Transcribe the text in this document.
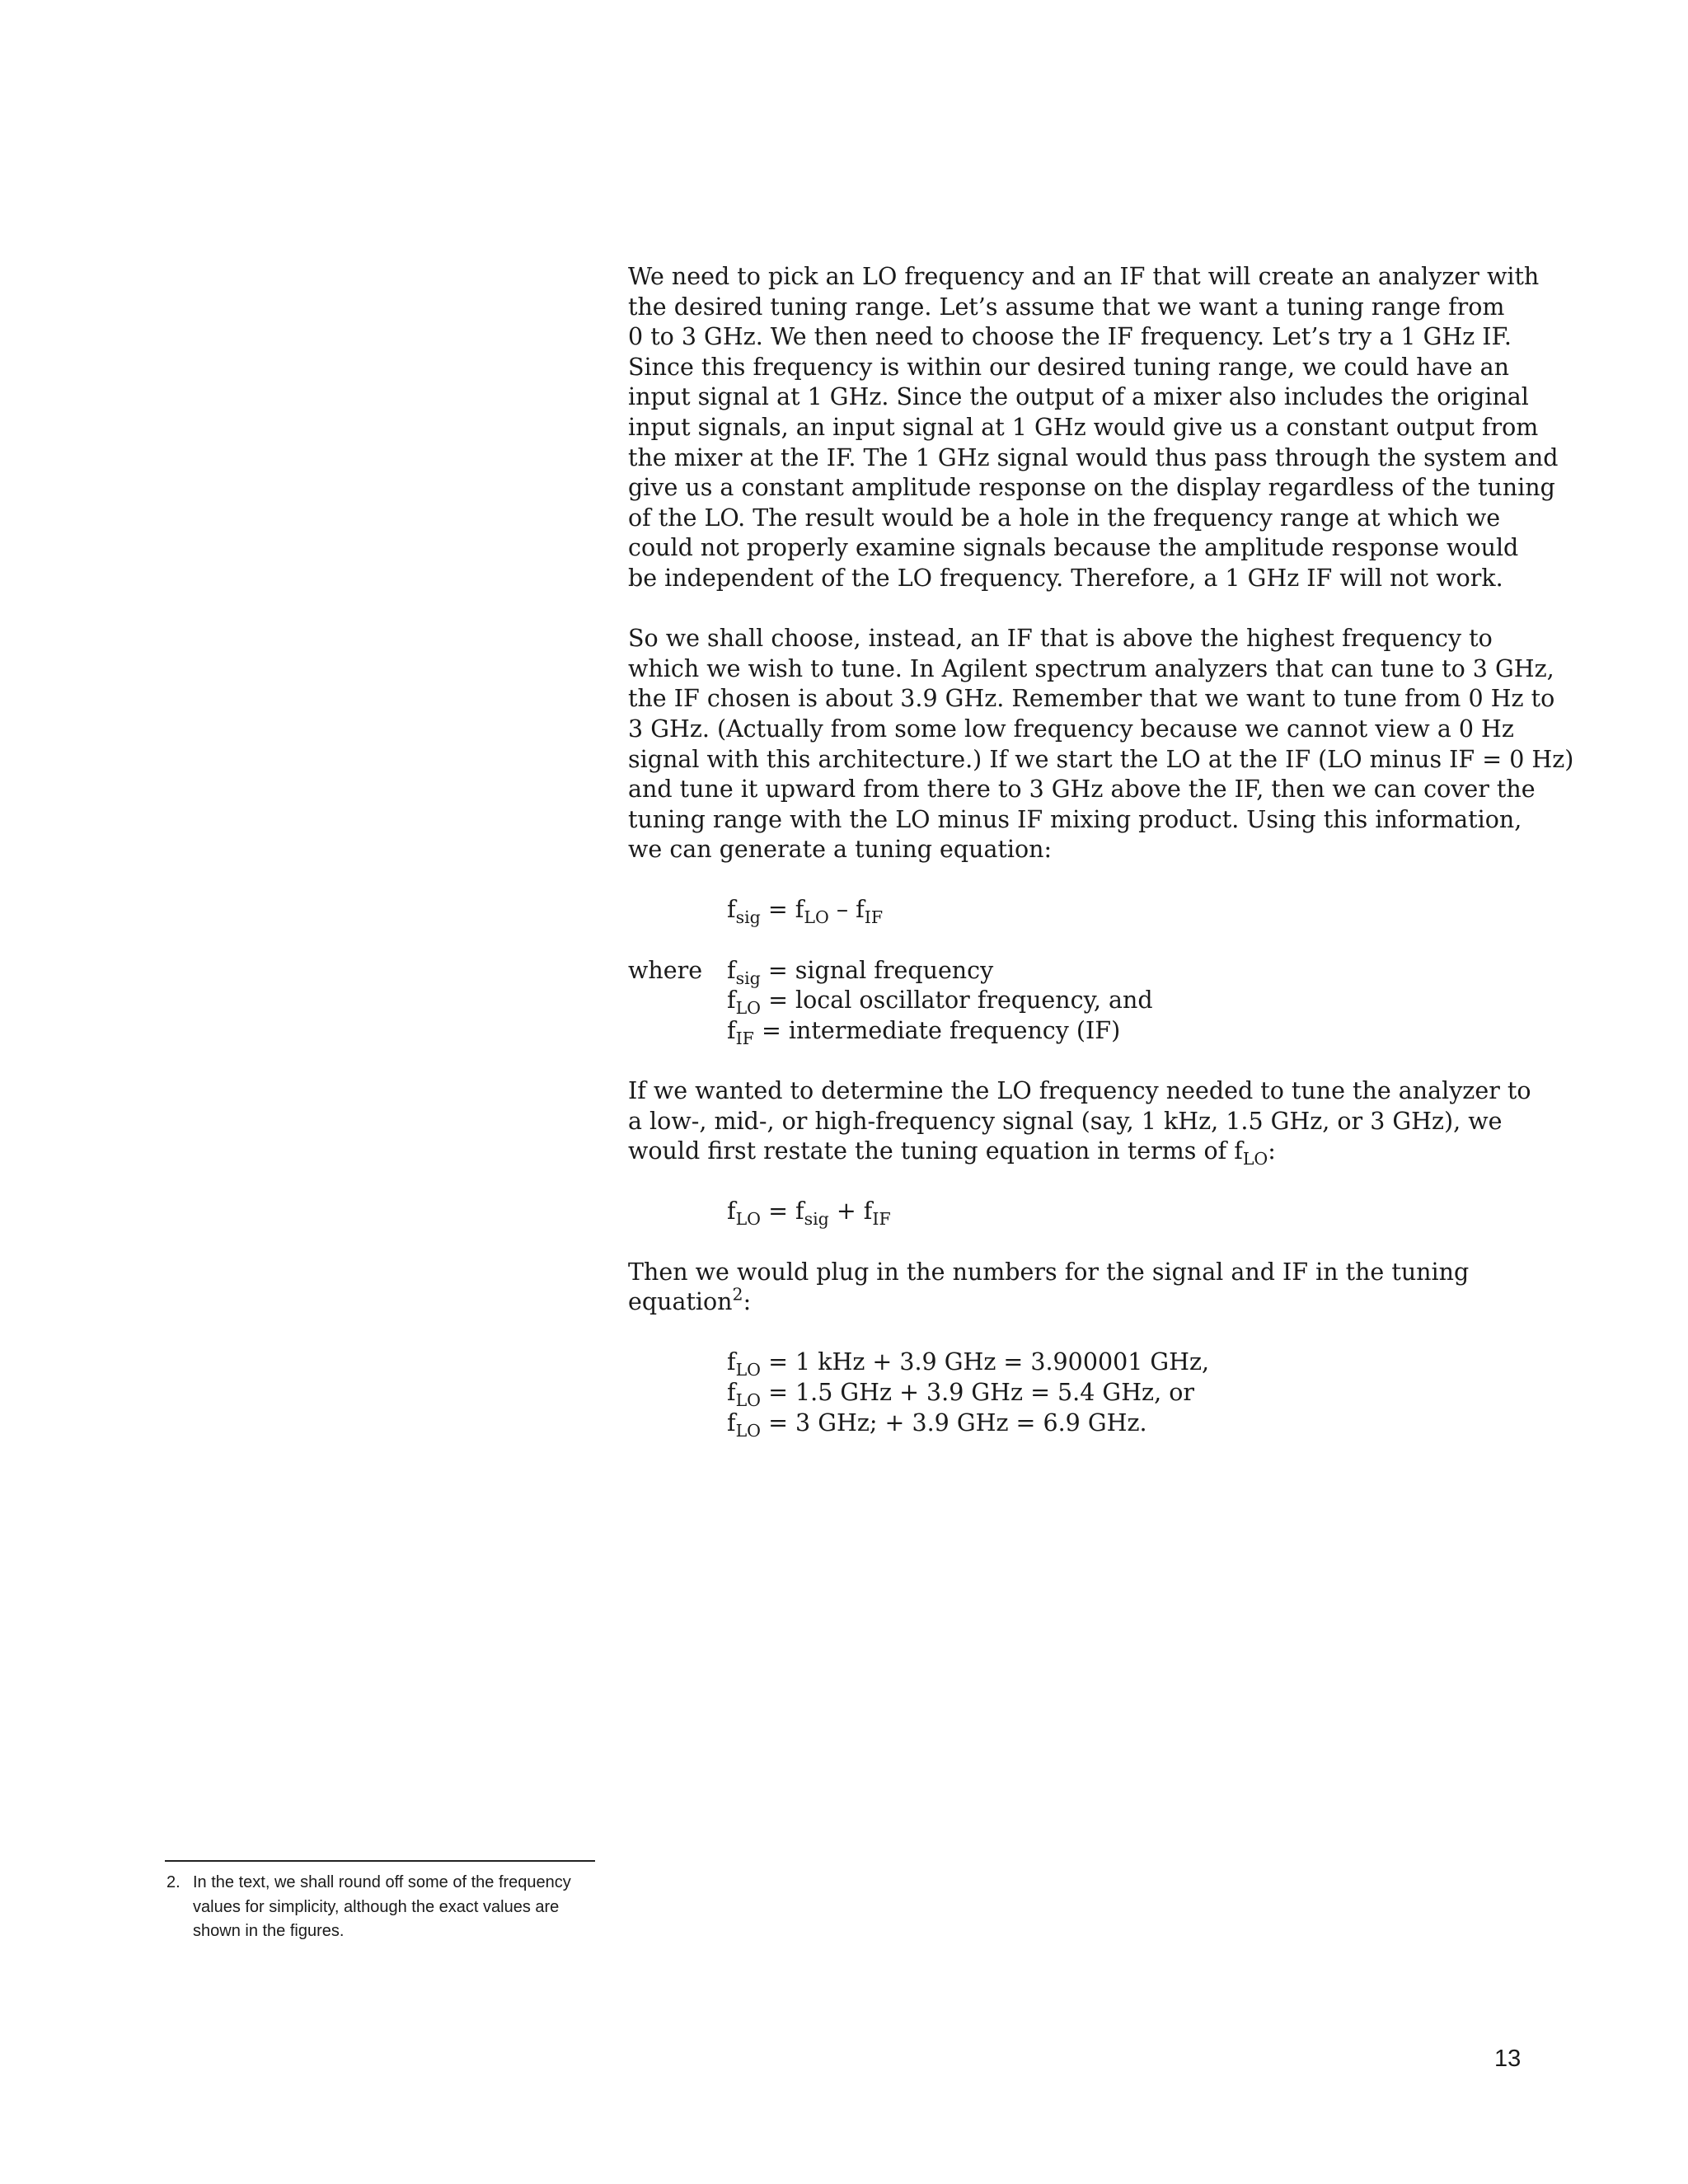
We need to pick an LO frequency and an IF that will create an analyzer with
the desired tuning range. Let’s assume that we want a tuning range from
0 to 3 GHz. We then need to choose the IF frequency. Let’s try a 1 GHz IF.
Since this frequency is within our desired tuning range, we could have an
input signal at 1 GHz. Since the output of a mixer also includes the original
input signals, an input signal at 1 GHz would give us a constant output from
the mixer at the IF. The 1 GHz signal would thus pass through the system and
give us a constant amplitude response on the display regardless of the tuning
of the LO. The result would be a hole in the frequency range at which we
could not properly examine signals because the amplitude response would
be independent of the LO frequency. Therefore, a 1 GHz IF will not work.
So we shall choose, instead, an IF that is above the highest frequency to
which we wish to tune. In Agilent spectrum analyzers that can tune to 3 GHz,
the IF chosen is about 3.9 GHz. Remember that we want to tune from 0 Hz to
3 GHz. (Actually from some low frequency because we cannot view a 0 Hz
signal with this architecture.) If we start the LO at the IF (LO minus IF = 0 Hz)
and tune it upward from there to 3 GHz above the IF, then we can cover the
tuning range with the LO minus IF mixing product. Using this information,
we can generate a tuning equation:
$f_{sig} = f_{LO} - f_{IF}$
where	$f_{sig}$ = signal frequency
$f_{LO}$ = local oscillator frequency, and
$f_{IF}$ = intermediate frequency (IF)
If we wanted to determine the LO frequency needed to tune the analyzer to
a low-, mid-, or high-frequency signal (say, 1 kHz, 1.5 GHz, or 3 GHz), we
would first restate the tuning equation in terms of $f_{LO}$:
$f_{LO} = f_{sig} + f_{IF}$
Then we would plug in the numbers for the signal and IF in the tuning
equation$^2$:
$f_{LO} = 1$ kHz + 3.9 GHz = 3.900001 GHz,
$f_{LO} = 1.5$ GHz + 3.9 GHz = 5.4 GHz, or
$f_{LO} = 3$ GHz; + 3.9 GHz = 6.9 GHz.
2. In the text, we shall round off some of the frequency
values for simplicity, although the exact values are
shown in the figures.
13
